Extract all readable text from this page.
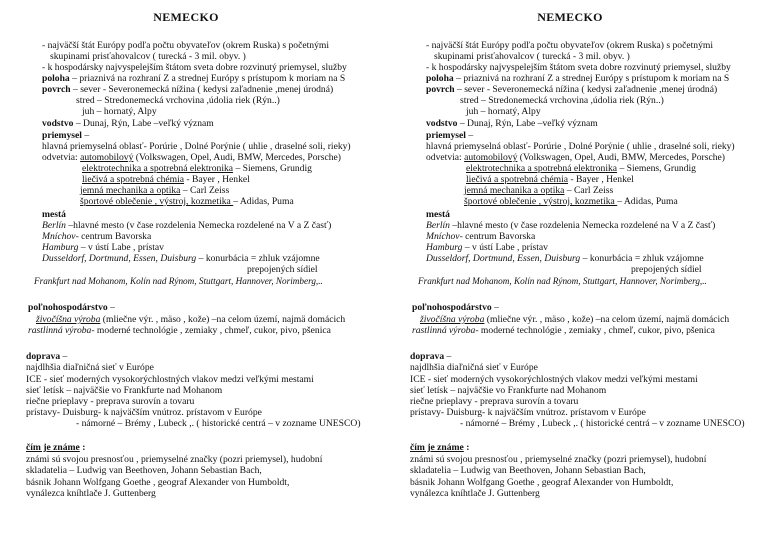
NEMECKO
- najväčší štát Európy podľa počtu obyvateľov (okrem Ruska) s početnými
skupinami prisťahovalcov ( turecká - 3 mil. obyv. )
- k hospodársky najvyspelejším štátom sveta dobre rozvinutý priemysel, služby
poloha – priaznivá na rozhraní Z a strednej Európy s prístupom k moriam na S
povrch – sever - Severonemecká nížina ( kedysi zaľadnenie ,menej úrodná)
stred – Stredonemecká vrchovina ,údolia riek (Rýn..)
juh – hornatý, Alpy
vodstvo – Dunaj, Rýn, Labe –veľký význam
priemysel –
hlavná priemyselná oblasť- Porúrie , Dolné Porýnie ( uhlie , draselné soli, rieky)
odvetvia: automobilový (Volkswagen, Opel, Audi, BMW, Mercedes, Porsche)
elektrotechnika a spotrebná elektronika – Siemens, Grundig
liečivá a spotrebná chémia - Bayer , Henkel
jemná mechanika a optika – Carl Zeiss
športové oblečenie , výstroj, kozmetika – Adidas, Puma
mestá
Berlín –hlavné mesto (v čase rozdelenia Nemecka rozdelené na V a Z časť)
Mníchov- centrum Bavorska
Hamburg – v ústí Labe , prístav
Dusseldorf, Dortmund, Essen, Duisburg – konurbácia = zhluk vzájomne
prepojených sídiel
Frankfurt nad Mohanom, Kolín nad Rýnom, Stuttgart, Hannover, Norimberg,..
poľnohospodárstvo –
živočíšna výroba (mliečne výr. , mäso , kože) –na celom území, najmä domácich
rastlinná výroba- moderné technológie , zemiaky , chmeľ, cukor, pivo, pšenica
doprava –
najdlhšia diaľničná sieť v Európe
ICE - sieť moderných vysokorýchlostných vlakov medzi veľkými mestami
sieť letísk – najväčšie vo Frankfurte nad Mohanom
riečne prieplavy - preprava surovín a tovaru
prístavy- Duisburg- k najväčším vnútroz. prístavom v Európe
- námorné – Brémy , Lubeck ,. ( historické centrá – v zozname UNESCO)
čím je známe :
známi sú svojou presnosťou , priemyselné značky (pozri priemysel), hudobní
skladatelia – Ludwig van Beethoven, Johann Sebastian Bach,
básnik Johann Wolfgang Goethe , geograf Alexander von Humboldt,
vynálezca kníhtlače J. Guttenberg
NEMECKO
- najväčší štát Európy podľa počtu obyvateľov (okrem Ruska) s početnými
skupinami prisťahovalcov ( turecká - 3 mil. obyv. )
- k hospodársky najvyspelejším štátom sveta dobre rozvinutý priemysel, služby
poloha – priaznivá na rozhraní Z a strednej Európy s prístupom k moriam na S
povrch – sever - Severonemecká nížina ( kedysi zaľadnenie ,menej úrodná)
stred – Stredonemecká vrchovina ,údolia riek (Rýn..)
juh – hornatý, Alpy
vodstvo – Dunaj, Rýn, Labe –veľký význam
priemysel –
hlavná priemyselná oblasť- Porúrie , Dolné Porýnie ( uhlie , draselné soli, rieky)
odvetvia: automobilový (Volkswagen, Opel, Audi, BMW, Mercedes, Porsche)
elektrotechnika a spotrebná elektronika – Siemens, Grundig
liečivá a spotrebná chémia - Bayer , Henkel
jemná mechanika a optika – Carl Zeiss
športové oblečenie , výstroj, kozmetika – Adidas, Puma
mestá
Berlín –hlavné mesto (v čase rozdelenia Nemecka rozdelené na V a Z časť)
Mníchov- centrum Bavorska
Hamburg – v ústí Labe , prístav
Dusseldorf, Dortmund, Essen, Duisburg – konurbácia = zhluk vzájomne
prepojených sídiel
Frankfurt nad Mohanom, Kolín nad Rýnom, Stuttgart, Hannover, Norimberg,..
poľnohospodárstvo –
živočíšna výroba (mliečne výr. , mäso , kože) –na celom území, najmä domácich
rastlinná výroba- moderné technológie , zemiaky , chmeľ, cukor, pivo, pšenica
doprava –
najdlhšia diaľničná sieť v Európe
ICE - sieť moderných vysokorýchlostných vlakov medzi veľkými mestami
sieť letísk – najväčšie vo Frankfurte nad Mohanom
riečne prieplavy - preprava surovín a tovaru
prístavy- Duisburg- k najväčším vnútroz. prístavom v Európe
- námorné – Brémy , Lubeck ,. ( historické centrá – v zozname UNESCO)
čím je známe :
známi sú svojou presnosťou , priemyselné značky (pozri priemysel), hudobní
skladatelia – Ludwig van Beethoven, Johann Sebastian Bach,
básnik Johann Wolfgang Goethe , geograf Alexander von Humboldt,
vynálezca kníhtlače J. Guttenberg
